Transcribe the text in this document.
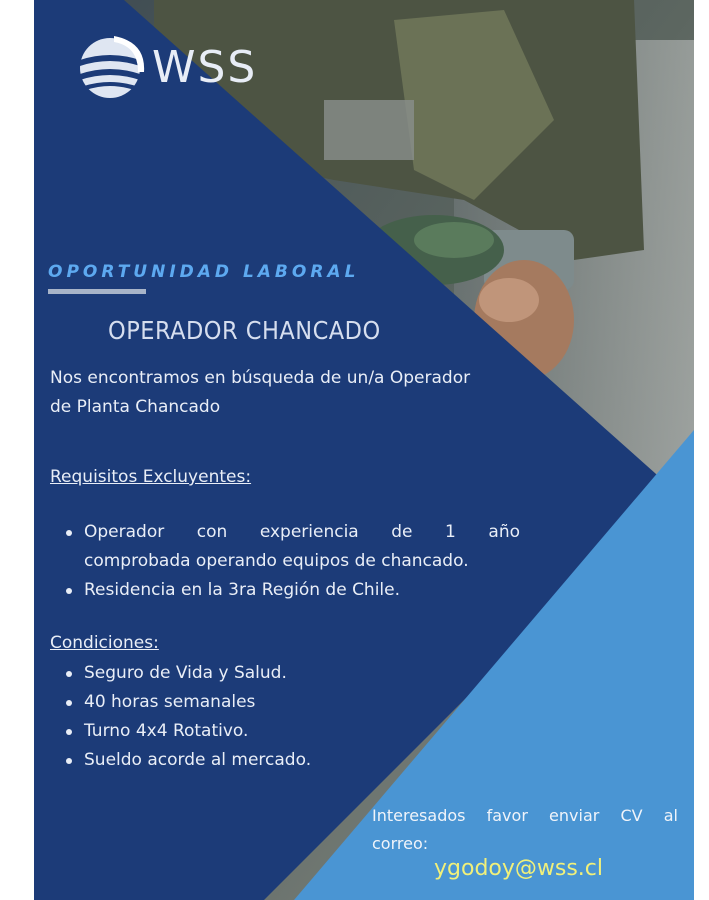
WSS
OPORTUNIDAD LABORAL
OPERADOR CHANCADO
Nos encontramos en búsqueda de un/a Operador
de Planta Chancado
Requisitos Excluyentes:
Operador con experiencia de 1 año
comprobada operando equipos de chancado.
Residencia en la 3ra Región de Chile.
Condiciones:
Seguro de Vida y Salud.
40 horas semanales
Turno 4x4 Rotativo.
Sueldo acorde al mercado.
Interesados favor enviar CV al
correo:
ygodoy@wss.cl
